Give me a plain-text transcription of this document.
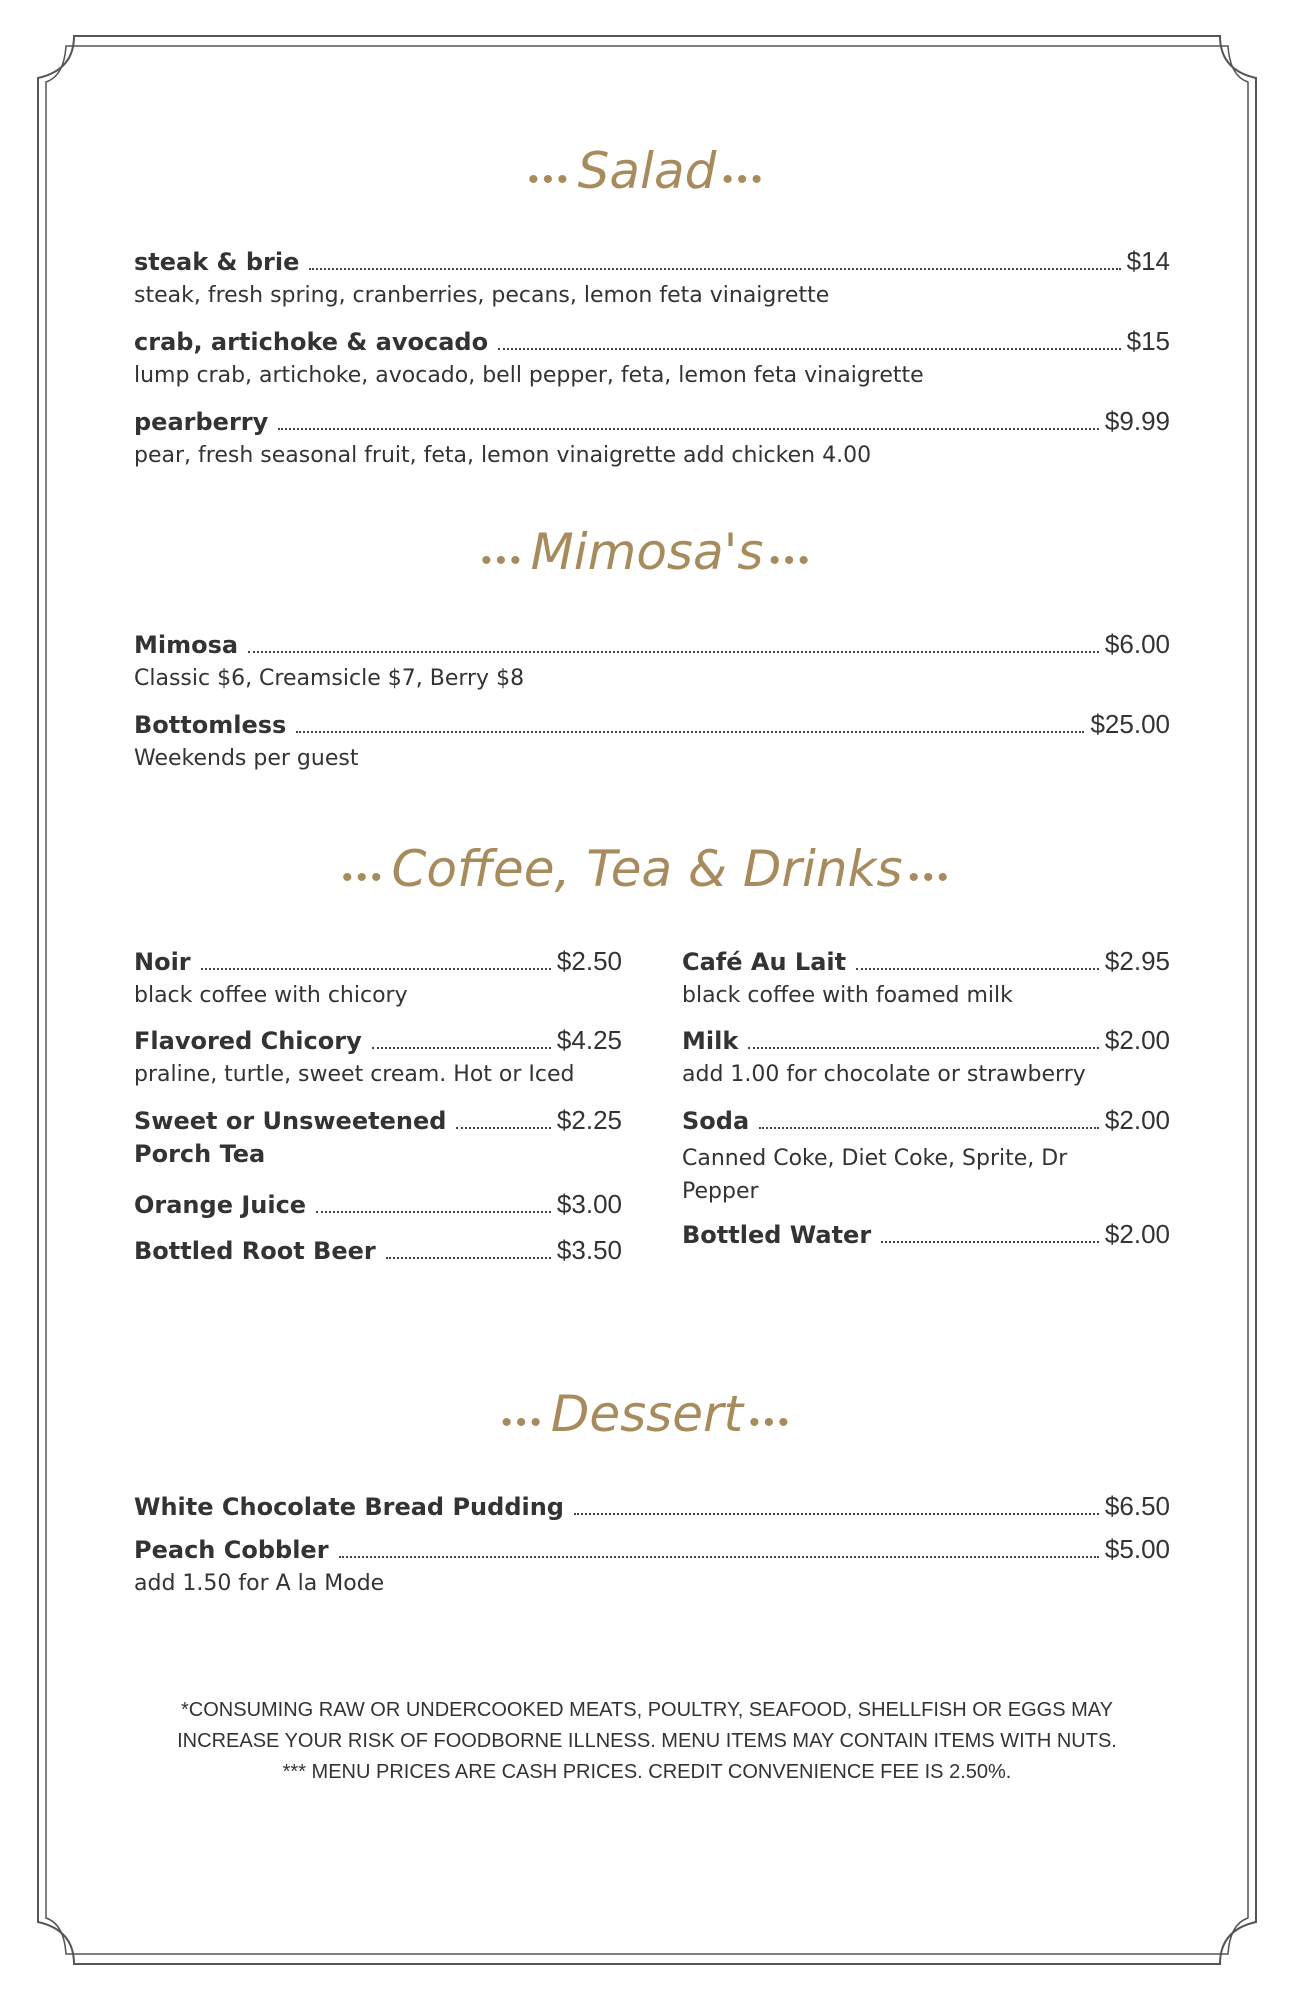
••• Salad •••
steak & brie	$14
steak, fresh spring, cranberries, pecans, lemon feta vinaigrette
crab, artichoke & avocado	$15
lump crab, artichoke, avocado, bell pepper, feta, lemon feta vinaigrette
pearberry	$9.99
pear, fresh seasonal fruit, feta, lemon vinaigrette add chicken 4.00
••• Mimosa's •••
Mimosa	$6.00
Classic $6, Creamsicle $7, Berry $8
Bottomless	$25.00
Weekends per guest
••• Coffee, Tea & Drinks •••
Noir	$2.50
black coffee with chicory
Flavored Chicory	$4.25
praline, turtle, sweet cream. Hot or Iced
Sweet or Unsweetened	$2.25
Porch Tea
Orange Juice	$3.00
Bottled Root Beer	$3.50
Café Au Lait	$2.95
black coffee with foamed milk
Milk	$2.00
add 1.00 for chocolate or strawberry
Soda	$2.00
Canned Coke, Diet Coke, Sprite, Dr
Pepper
Bottled Water	$2.00
••• Dessert •••
White Chocolate Bread Pudding	$6.50
Peach Cobbler	$5.00
add 1.50 for A la Mode
*CONSUMING RAW OR UNDERCOOKED MEATS, POULTRY, SEAFOOD, SHELLFISH OR EGGS MAY
INCREASE YOUR RISK OF FOODBORNE ILLNESS. MENU ITEMS MAY CONTAIN ITEMS WITH NUTS.
*** MENU PRICES ARE CASH PRICES. CREDIT CONVENIENCE FEE IS 2.50%.
